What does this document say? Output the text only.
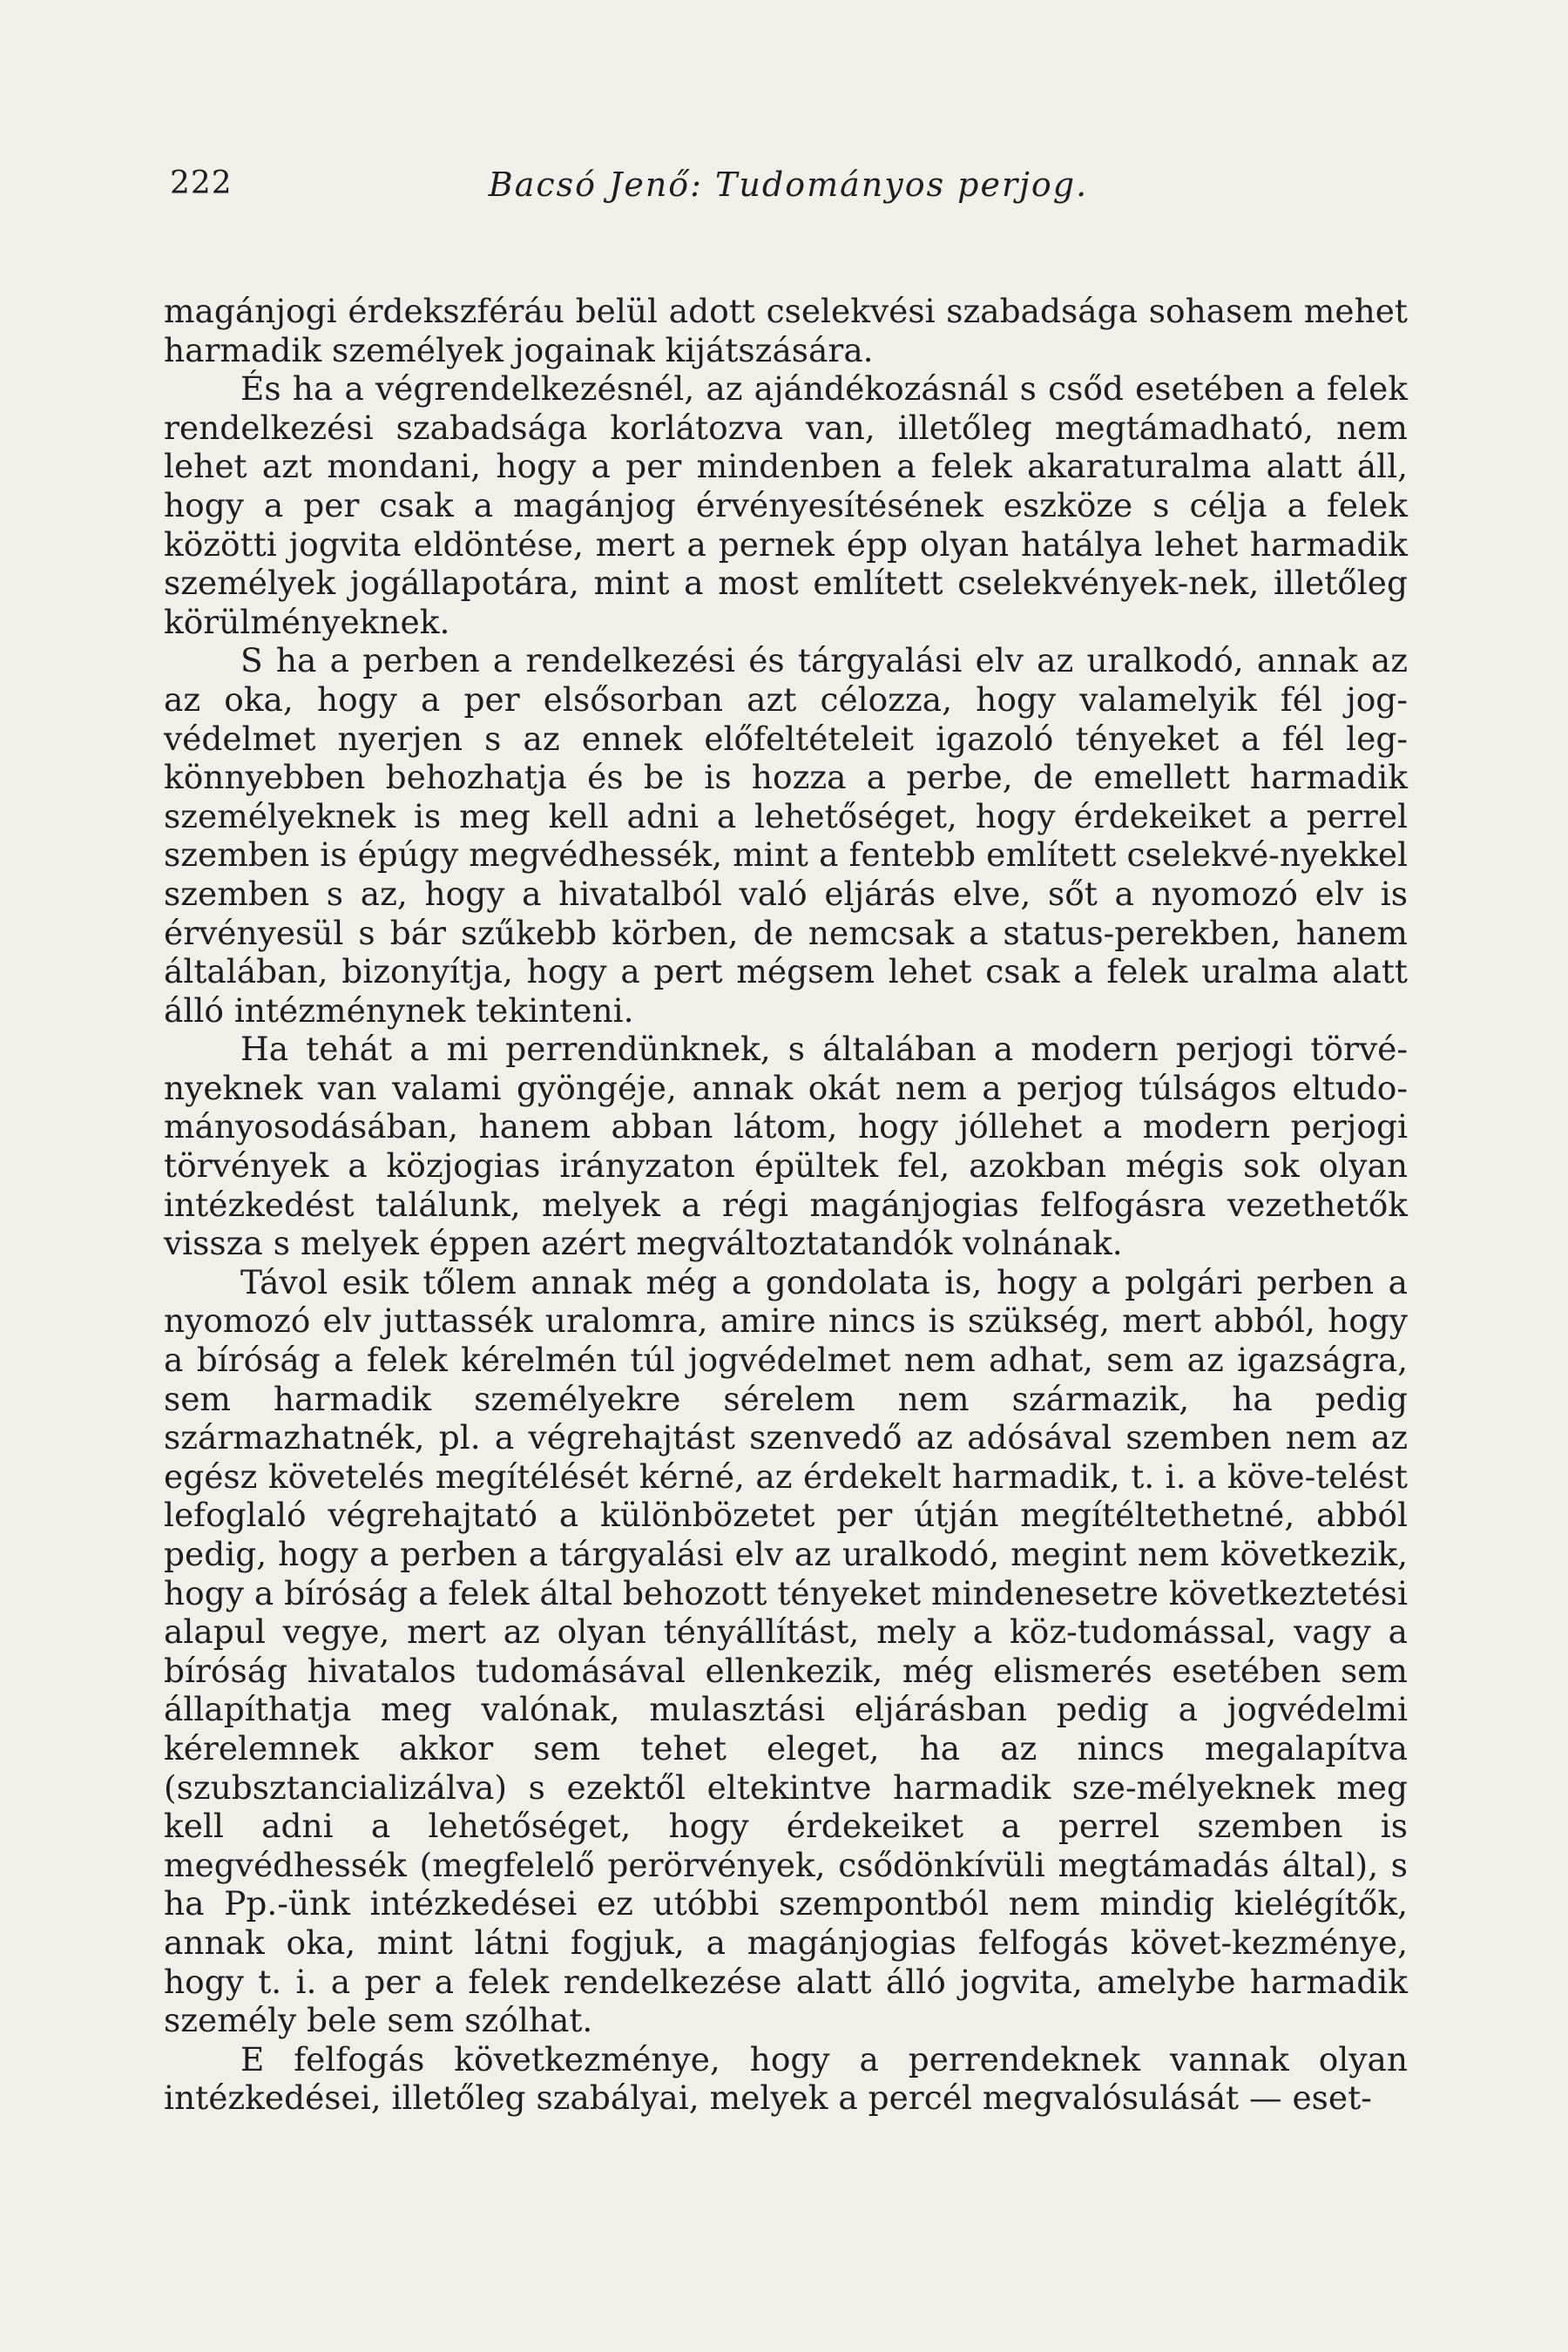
222	Bacsó Jenő: Tudományos perjog.

magánjogi érdekszféráu belül adott cselekvési szabadsága sohasem mehet harmadik személyek jogainak kijátszására.

És ha a végrendelkezésnél, az ajándékozásnál s csőd esetében a felek rendelkezési szabadsága korlátozva van, illetőleg megtámadható, nem lehet azt mondani, hogy a per mindenben a felek akaraturalma alatt áll, hogy a per csak a magánjog érvényesítésének eszköze s célja a felek közötti jogvita eldöntése, mert a pernek épp olyan hatálya lehet harmadik személyek jogállapotára, mint a most említett cselekvények-nek, illetőleg körülményeknek.

S ha a perben a rendelkezési és tárgyalási elv az uralkodó, annak az az oka, hogy a per elsősorban azt célozza, hogy valamelyik fél jog-védelmet nyerjen s az ennek előfeltételeit igazoló tényeket a fél leg-könnyebben behozhatja és be is hozza a perbe, de emellett harmadik személyeknek is meg kell adni a lehetőséget, hogy érdekeiket a perrel szemben is épúgy megvédhessék, mint a fentebb említett cselekvé-nyekkel szemben s az, hogy a hivatalból való eljárás elve, sőt a nyomozó elv is érvényesül s bár szűkebb körben, de nemcsak a status-perekben, hanem általában, bizonyítja, hogy a pert mégsem lehet csak a felek uralma alatt álló intézménynek tekinteni.

Ha tehát a mi perrendünknek, s általában a modern perjogi törvé-nyeknek van valami gyöngéje, annak okát nem a perjog túlságos eltudo-mányosodásában, hanem abban látom, hogy jóllehet a modern perjogi törvények a közjogias irányzaton épültek fel, azokban mégis sok olyan intézkedést találunk, melyek a régi magánjogias felfogásra vezethetők vissza s melyek éppen azért megváltoztatandók volnának.

Távol esik tőlem annak még a gondolata is, hogy a polgári perben a nyomozó elv juttassék uralomra, amire nincs is szükség, mert abból, hogy a bíróság a felek kérelmén túl jogvédelmet nem adhat, sem az igazságra, sem harmadik személyekre sérelem nem származik, ha pedig származhatnék, pl. a végrehajtást szenvedő az adósával szemben nem az egész követelés megítélését kérné, az érdekelt harmadik, t. i. a köve-telést lefoglaló végrehajtató a különbözetet per útján megítéltethetné, abból pedig, hogy a perben a tárgyalási elv az uralkodó, megint nem következik, hogy a bíróság a felek által behozott tényeket mindenesetre következtetési alapul vegye, mert az olyan tényállítást, mely a köz-tudomással, vagy a bíróság hivatalos tudomásával ellenkezik, még elismerés esetében sem állapíthatja meg valónak, mulasztási eljárásban pedig a jogvédelmi kérelemnek akkor sem tehet eleget, ha az nincs megalapítva (szubsztancializálva) s ezektől eltekintve harmadik sze-mélyeknek meg kell adni a lehetőséget, hogy érdekeiket a perrel szemben is megvédhessék (megfelelő perörvények, csődönkívüli megtámadás által), s ha Pp.-ünk intézkedései ez utóbbi szempontból nem mindig kielégítők, annak oka, mint látni fogjuk, a magánjogias felfogás követ-kezménye, hogy t. i. a per a felek rendelkezése alatt álló jogvita, amelybe harmadik személy bele sem szólhat.

E felfogás következménye, hogy a perrendeknek vannak olyan intézkedései, illetőleg szabályai, melyek a percél megvalósulását — eset-
